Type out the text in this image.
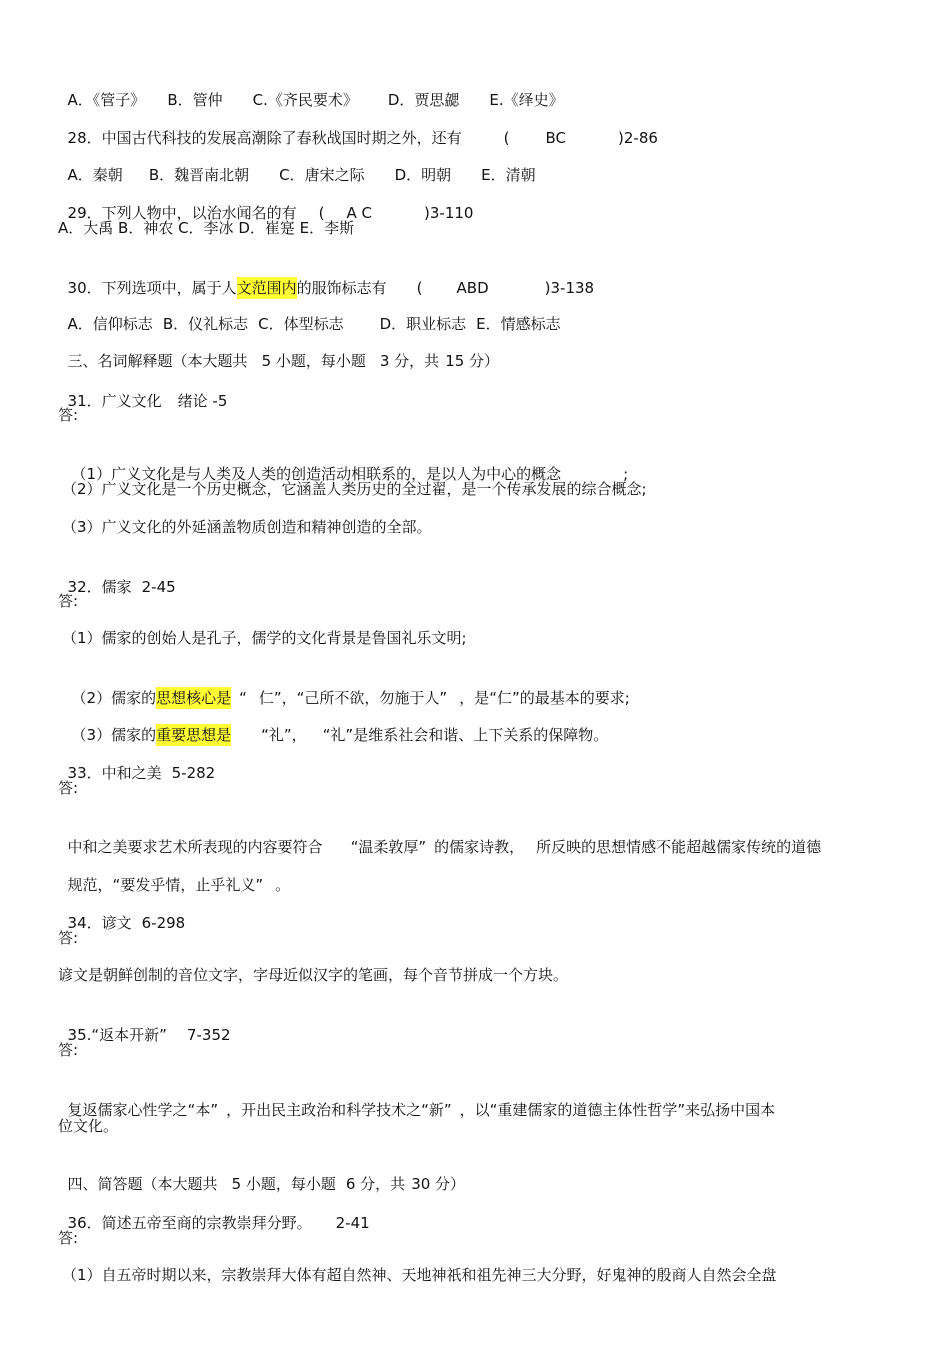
A．《管子》 B．管仲 C.《齐民要术》 D．贾思勰 E.《绎史》

28．中国古代科技的发展高潮除了春秋战国时期之外，还有	( BC	)2-86

A．秦朝 B．魏晋南北朝 C．唐宋之际 D．明朝 E．清朝

29．下列人物中，以治水闻名的有 ( A C	)3-110

A．大禹 B．神农 C．李冰 D．崔寔 E．李斯

30．下列选项中，属于人文范围内的服饰标志有 ( ABD	)3-138

A．信仰标志 B．仪礼标志 C．体型标志 D．职业标志 E．情感标志

三、名词解释题（本大题共 5 小题，每小题 3 分，共 15 分）

31．广义文化 绪论 -5

答:

（1）广义文化是与人类及人类的创造活动相联系的，是以人为中心的概念	;

（2）广义文化是一个历史概念，它涵盖人类历史的全过翟，是一个传承发展的综合概念;
（3）广义文化的外延涵盖物质创造和精神创造的全部。

32．儒家 2-45

答:
（1）儒家的创始人是孔子，儒学的文化背景是鲁国礼乐文明;

（2）儒家的思想核心是 “ 仁”，“己所不欲，勿施于人” ，是“仁”的最基本的要求;

（3）儒家的重要思想是 “礼”， “礼”是维系社会和谐、上下关系的保障物。

33．中和之美 5-282

答:

中和之美要求艺术所表现的内容要符合 “温柔敦厚” 的儒家诗教， 所反映的思想情感不能超越儒家传统的道德

规范，“要发乎情，止乎礼义” 。

34．谚文 6-298

答:
谚文是朝鲜创制的音位文字，字母近似汉字的笔画，每个音节拼成一个方块。

35.“返本开新” 7-352

答:

复返儒家心性学之“本” ，开出民主政治和科学技术之“新” ，以“重建儒家的道德主体性哲学”来弘扬中国本

位文化。

四、简答题（本大题共 5 小题，每小题 6 分，共 30 分）

36．简述五帝至商的宗教崇拜分野。 2-41

答:
（1）自五帝时期以来，宗教崇拜大体有超自然神、天地神祇和祖先神三大分野，好鬼神的殷商人自然会全盘
